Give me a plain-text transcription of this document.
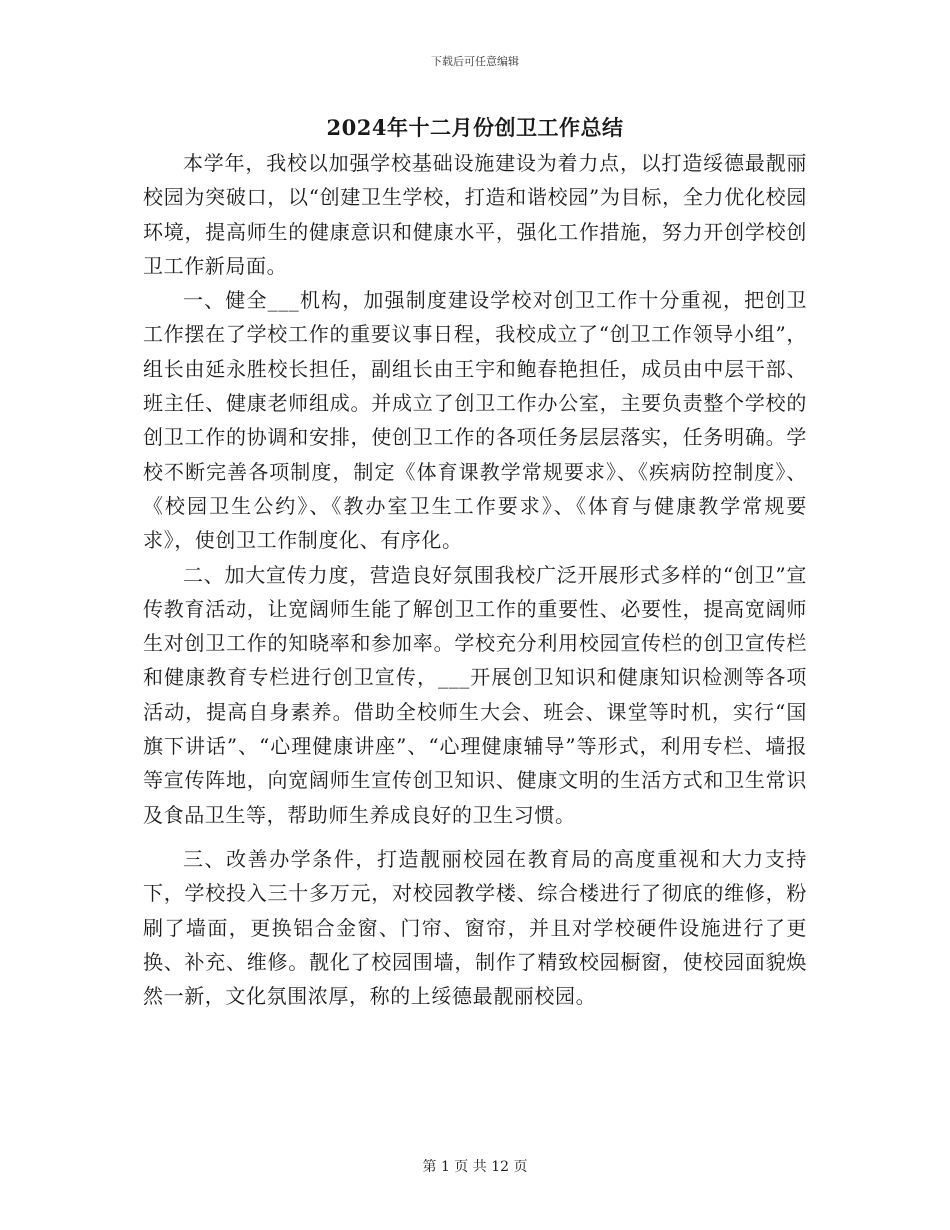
下载后可任意编辑
2024年十二月份创卫工作总结

本学年，我校以加强学校基础设施建设为着力点，以打造绥德最靓丽校园为突破口，以“创建卫生学校，打造和谐校园”为目标，全力优化校园环境，提高师生的健康意识和健康水平，强化工作措施，努力开创学校创卫工作新局面。

一、健全___机构，加强制度建设学校对创卫工作十分重视，把创卫工作摆在了学校工作的重要议事日程，我校成立了“创卫工作领导小组”，组长由延永胜校长担任，副组长由王宇和鲍春艳担任，成员由中层干部、班主任、健康老师组成。并成立了创卫工作办公室，主要负责整个学校的创卫工作的协调和安排，使创卫工作的各项任务层层落实，任务明确。学校不断完善各项制度，制定《体育课教学常规要求》、《疾病防控制度》、《校园卫生公约》、《教办室卫生工作要求》、《体育与健康教学常规要求》，使创卫工作制度化、有序化。

二、加大宣传力度，营造良好氛围我校广泛开展形式多样的“创卫”宣传教育活动，让宽阔师生能了解创卫工作的重要性、必要性，提高宽阔师生对创卫工作的知晓率和参加率。学校充分利用校园宣传栏的创卫宣传栏和健康教育专栏进行创卫宣传，___开展创卫知识和健康知识检测等各项活动，提高自身素养。借助全校师生大会、班会、课堂等时机，实行“国旗下讲话”、“心理健康讲座”、“心理健康辅导”等形式，利用专栏、墙报等宣传阵地，向宽阔师生宣传创卫知识、健康文明的生活方式和卫生常识及食品卫生等，帮助师生养成良好的卫生习惯。

三、改善办学条件，打造靓丽校园在教育局的高度重视和大力支持下，学校投入三十多万元，对校园教学楼、综合楼进行了彻底的维修，粉刷了墙面，更换铝合金窗、门帘、窗帘，并且对学校硬件设施进行了更换、补充、维修。靓化了校园围墙，制作了精致校园橱窗，使校园面貌焕然一新，文化氛围浓厚，称的上绥德最靓丽校园。

第 1 页 共 12 页
